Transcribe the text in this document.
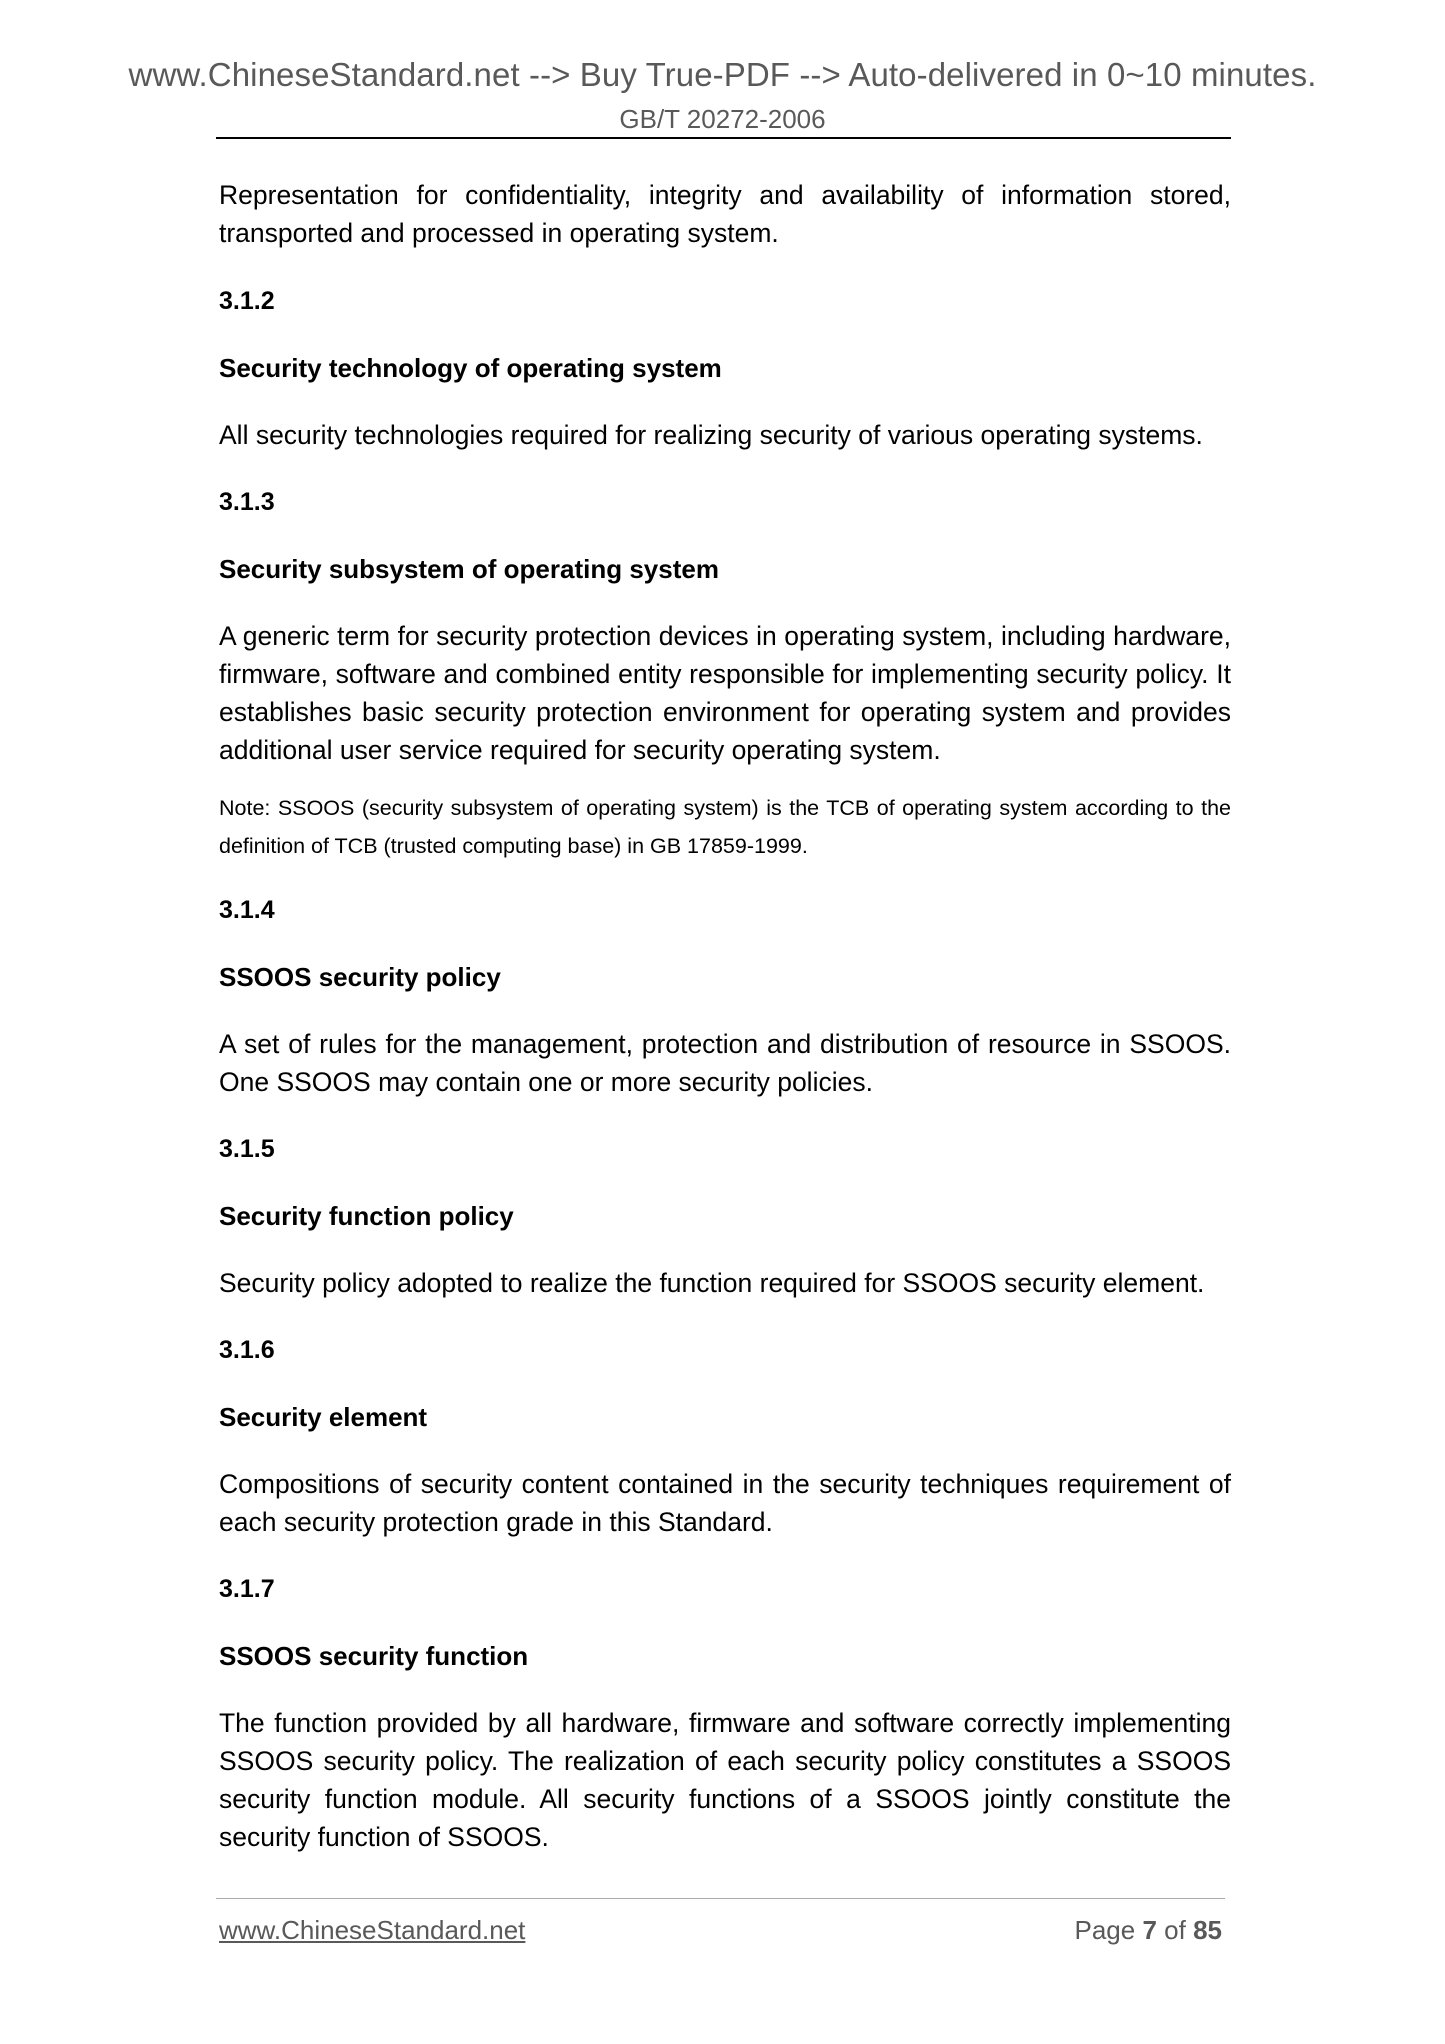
www.ChineseStandard.net --> Buy True-PDF --> Auto-delivered in 0~10 minutes.
GB/T 20272-2006

Representation for confidentiality, integrity and availability of information stored, transported and processed in operating system.

3.1.2

Security technology of operating system

All security technologies required for realizing security of various operating systems.

3.1.3

Security subsystem of operating system

A generic term for security protection devices in operating system, including hardware, firmware, software and combined entity responsible for implementing security policy. It establishes basic security protection environment for operating system and provides additional user service required for security operating system.

Note: SSOOS (security subsystem of operating system) is the TCB of operating system according to the definition of TCB (trusted computing base) in GB 17859-1999.

3.1.4

SSOOS security policy

A set of rules for the management, protection and distribution of resource in SSOOS. One SSOOS may contain one or more security policies.

3.1.5

Security function policy

Security policy adopted to realize the function required for SSOOS security element.

3.1.6

Security element

Compositions of security content contained in the security techniques requirement of each security protection grade in this Standard.

3.1.7

SSOOS security function

The function provided by all hardware, firmware and software correctly implementing SSOOS security policy. The realization of each security policy constitutes a SSOOS security function module. All security functions of a SSOOS jointly constitute the security function of SSOOS.

www.ChineseStandard.net	Page 7 of 85
